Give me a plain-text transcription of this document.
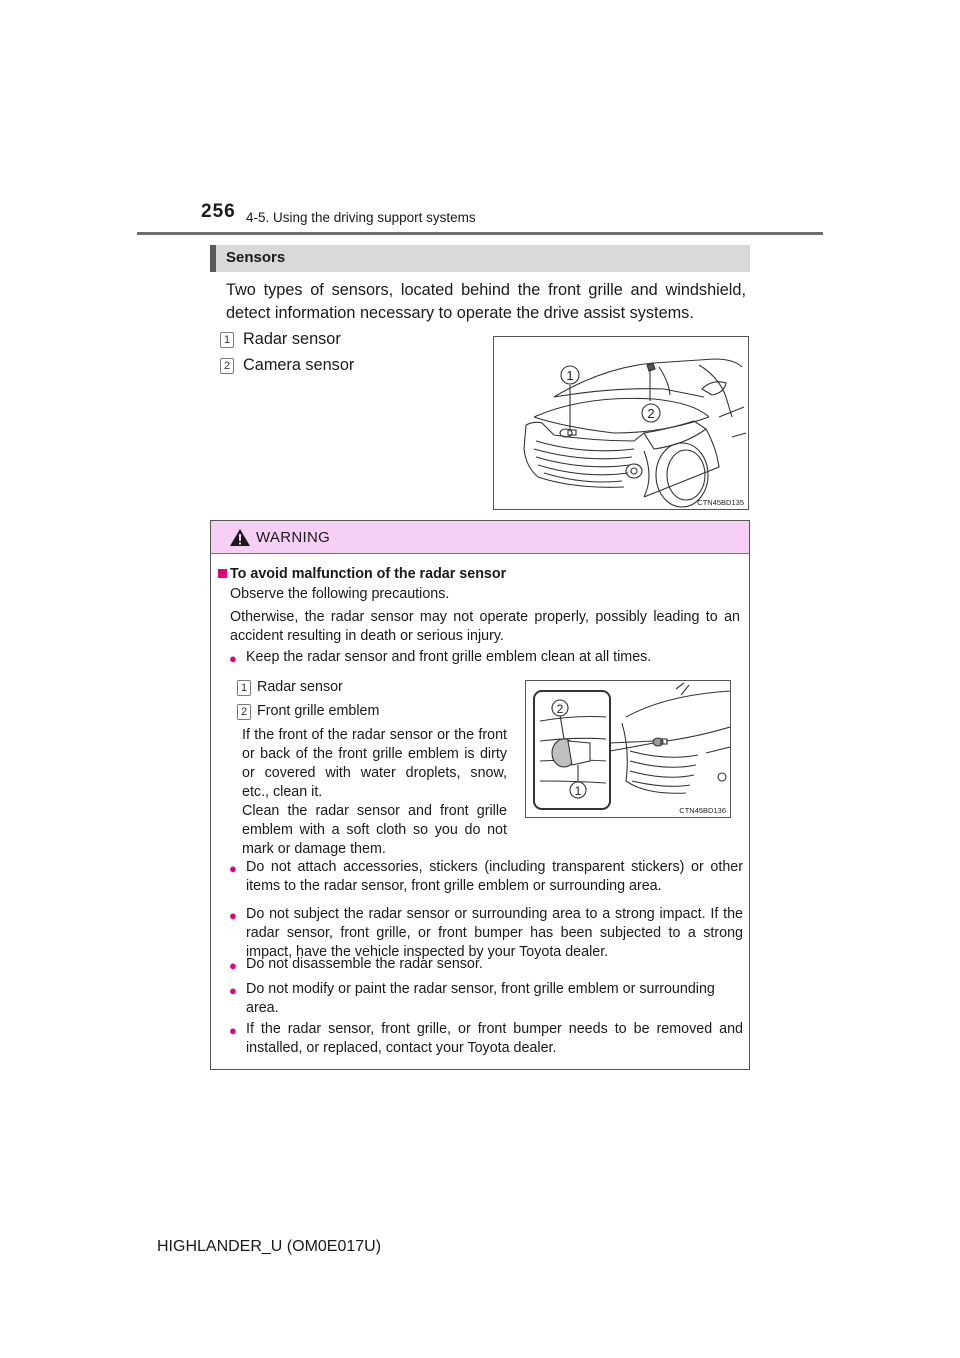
256 4-5. Using the driving support systems
Sensors
Two types of sensors, located behind the front grille and windshield, detect information necessary to operate the drive assist systems.
1 Radar sensor
2 Camera sensor
1
2
CTN45BD135
WARNING
To avoid malfunction of the radar sensor
Observe the following precautions.
Otherwise, the radar sensor may not operate properly, possibly leading to an accident resulting in death or serious injury.
● Keep the radar sensor and front grille emblem clean at all times.
1 Radar sensor
2 Front grille emblem
If the front of the radar sensor or the front or back of the front grille emblem is dirty or covered with water droplets, snow, etc., clean it.
Clean the radar sensor and front grille emblem with a soft cloth so you do not mark or damage them.
● Do not attach accessories, stickers (including transparent stickers) or other items to the radar sensor, front grille emblem or surrounding area.
● Do not subject the radar sensor or surrounding area to a strong impact. If the radar sensor, front grille, or front bumper has been subjected to a strong impact, have the vehicle inspected by your Toyota dealer.
● Do not disassemble the radar sensor.
● Do not modify or paint the radar sensor, front grille emblem or surrounding area.
● If the radar sensor, front grille, or front bumper needs to be removed and installed, or replaced, contact your Toyota dealer.
2
1
CTN45BD136
HIGHLANDER_U (OM0E017U)
